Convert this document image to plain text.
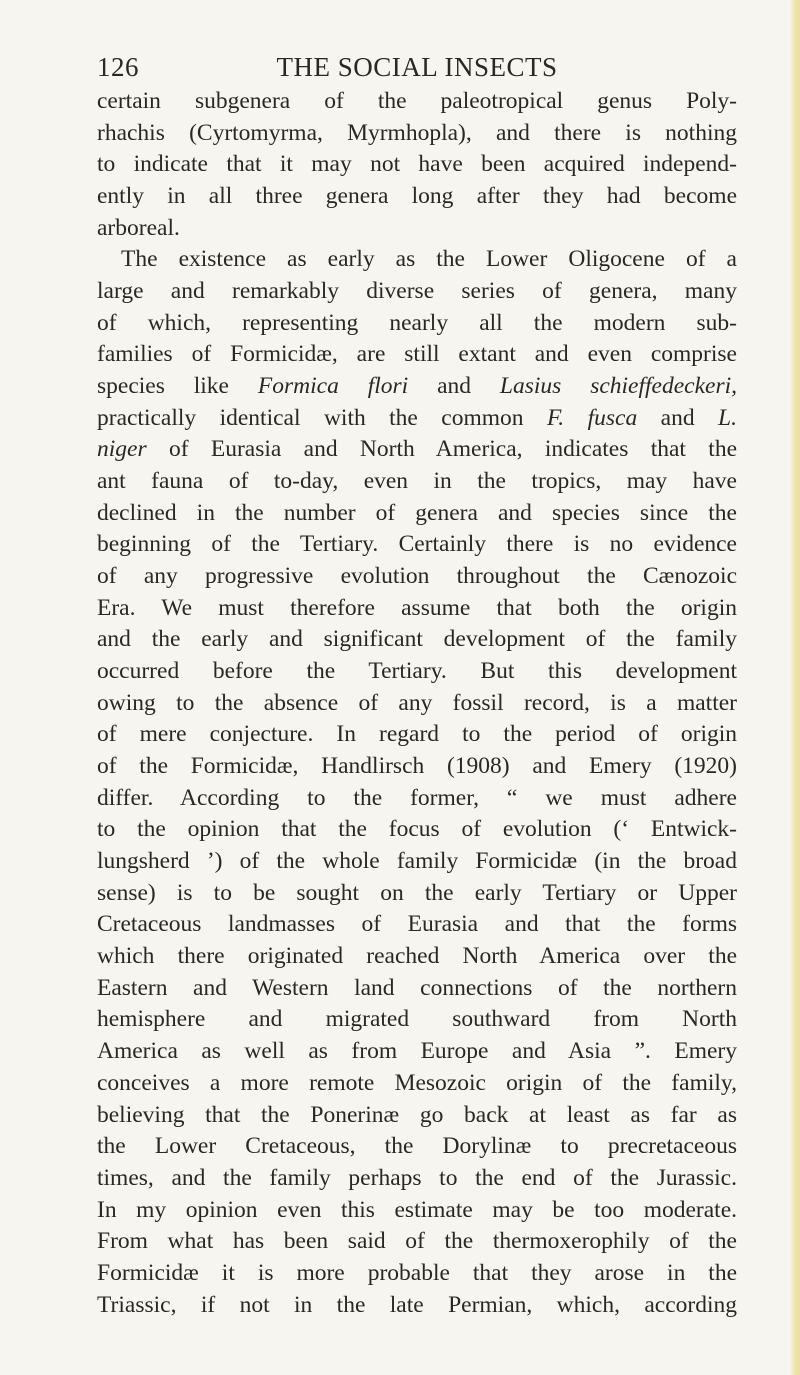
THE SOCIAL INSECTS
126
certain subgenera of the paleotropical genus Poly-
rhachis (Cyrtomyrma, Myrmhopla), and there is nothing
to indicate that it may not have been acquired independ-
ently in all three genera long after they had become
arboreal.
The existence as early as the Lower Oligocene of a
large and remarkably diverse series of genera, many
of which, representing nearly all the modern sub-
families of Formicidæ, are still extant and even comprise
species like Formica flori and Lasius schieffedeckeri,
practically identical with the common F. fusca and L.
niger of Eurasia and North America, indicates that the
ant fauna of to-day, even in the tropics, may have
declined in the number of genera and species since the
beginning of the Tertiary. Certainly there is no evidence
of any progressive evolution throughout the Cænozoic
Era. We must therefore assume that both the origin
and the early and significant development of the family
occurred before the Tertiary. But this development
owing to the absence of any fossil record, is a matter
of mere conjecture. In regard to the period of origin
of the Formicidæ, Handlirsch (1908) and Emery (1920)
differ. According to the former, “ we must adhere
to the opinion that the focus of evolution (‘ Entwick-
lungsherd ’) of the whole family Formicidæ (in the broad
sense) is to be sought on the early Tertiary or Upper
Cretaceous landmasses of Eurasia and that the forms
which there originated reached North America over the
Eastern and Western land connections of the northern
hemisphere and migrated southward from North
America as well as from Europe and Asia ”. Emery
conceives a more remote Mesozoic origin of the family,
believing that the Ponerinæ go back at least as far as
the Lower Cretaceous, the Dorylinæ to precretaceous
times, and the family perhaps to the end of the Jurassic.
In my opinion even this estimate may be too moderate.
From what has been said of the thermoxerophily of the
Formicidæ it is more probable that they arose in the
Triassic, if not in the late Permian, which, according
